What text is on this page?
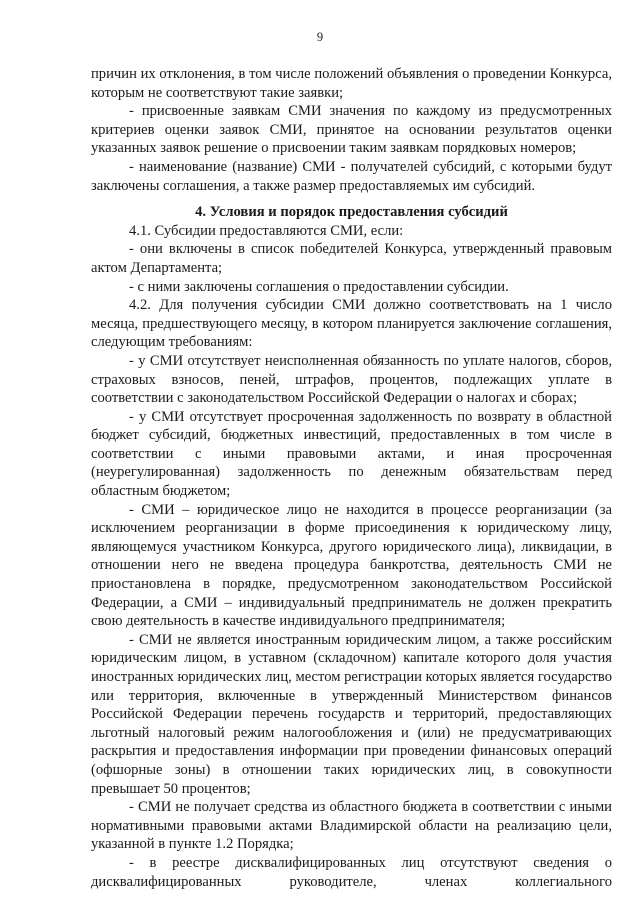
9

причин их отклонения, в том числе положений объявления о проведении Конкурса, которым не соответствуют такие заявки;

- присвоенные заявкам СМИ значения по каждому из предусмотренных критериев оценки заявок СМИ, принятое на основании результатов оценки указанных заявок решение о присвоении таким заявкам порядковых номеров;

- наименование (название) СМИ - получателей субсидий, с которыми будут заключены соглашения, а также размер предоставляемых им субсидий.

4. Условия и порядок предоставления субсидий

4.1. Субсидии предоставляются СМИ, если:

- они включены в список победителей Конкурса, утвержденный правовым актом Департамента;

- с ними заключены соглашения о предоставлении субсидии.

4.2. Для получения субсидии СМИ должно соответствовать на 1 число месяца, предшествующего месяцу, в котором планируется заключение соглашения, следующим требованиям:

- у СМИ отсутствует неисполненная обязанность по уплате налогов, сборов, страховых взносов, пеней, штрафов, процентов, подлежащих уплате в соответствии с законодательством Российской Федерации о налогах и сборах;

- у СМИ отсутствует просроченная задолженность по возврату в областной бюджет субсидий, бюджетных инвестиций, предоставленных в том числе в соответствии с иными правовыми актами, и иная просроченная (неурегулированная) задолженность по денежным обязательствам перед областным бюджетом;

- СМИ – юридическое лицо не находится в процессе реорганизации (за исключением реорганизации в форме присоединения к юридическому лицу, являющемуся участником Конкурса, другого юридического лица), ликвидации, в отношении него не введена процедура банкротства, деятельность СМИ не приостановлена в порядке, предусмотренном законодательством Российской Федерации, а СМИ – индивидуальный предприниматель не должен прекратить свою деятельность в качестве индивидуального предпринимателя;

- СМИ не является иностранным юридическим лицом, а также российским юридическим лицом, в уставном (складочном) капитале которого доля участия иностранных юридических лиц, местом регистрации которых является государство или территория, включенные в утвержденный Министерством финансов Российской Федерации перечень государств и территорий, предоставляющих льготный налоговый режим налогообложения и (или) не предусматривающих раскрытия и предоставления информации при проведении финансовых операций (офшорные зоны) в отношении таких юридических лиц, в совокупности превышает 50 процентов;

- СМИ не получает средства из областного бюджета в соответствии с иными нормативными правовыми актами Владимирской области на реализацию цели, указанной в пункте 1.2 Порядка;

- в реестре дисквалифицированных лиц отсутствуют сведения о дисквалифицированных руководителе, членах коллегиального
